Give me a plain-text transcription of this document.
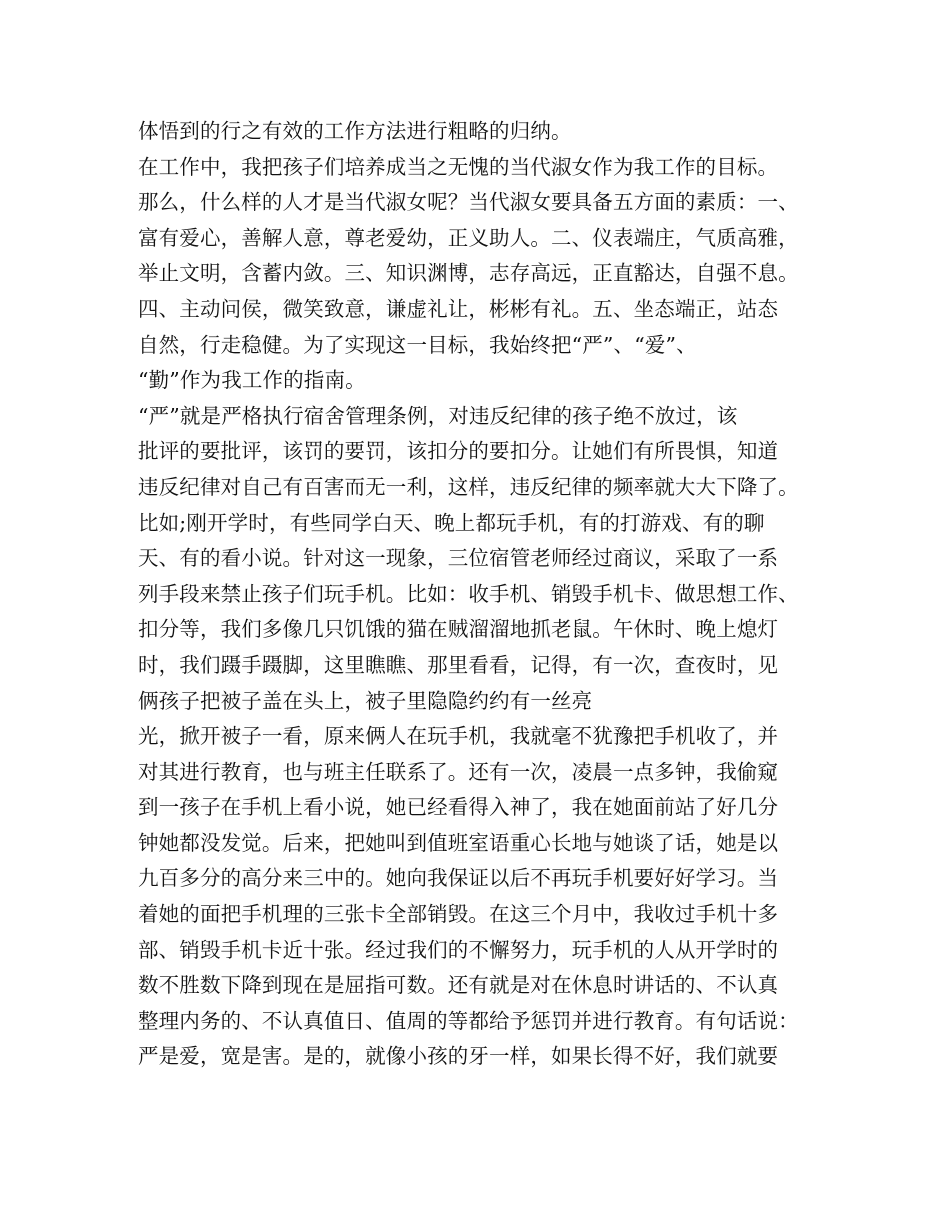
体悟到的行之有效的工作方法进行粗略的归纳。
在工作中，我把孩子们培养成当之无愧的当代淑女作为我工作的目标。
那么，什么样的人才是当代淑女呢？当代淑女要具备五方面的素质：一、
富有爱心，善解人意，尊老爱幼，正义助人。二、仪表端庄，气质高雅，
举止文明，含蓄内敛。三、知识渊博，志存高远，正直豁达，自强不息。
四、主动问侯，微笑致意，谦虚礼让，彬彬有礼。五、坐态端正，站态
自然，行走稳健。为了实现这一目标，我始终把“严”、“爱”、
“勤”作为我工作的指南。
“严”就是严格执行宿舍管理条例，对违反纪律的孩子绝不放过，该
批评的要批评，该罚的要罚，该扣分的要扣分。让她们有所畏惧，知道
违反纪律对自己有百害而无一利，这样，违反纪律的频率就大大下降了。
比如;刚开学时，有些同学白天、晚上都玩手机，有的打游戏、有的聊
天、有的看小说。针对这一现象，三位宿管老师经过商议，采取了一系
列手段来禁止孩子们玩手机。比如：收手机、销毁手机卡、做思想工作、
扣分等，我们多像几只饥饿的猫在贼溜溜地抓老鼠。午休时、晚上熄灯
时，我们蹑手蹑脚，这里瞧瞧、那里看看，记得，有一次，查夜时，见
俩孩子把被子盖在头上，被子里隐隐约约有一丝亮
光，掀开被子一看，原来俩人在玩手机，我就毫不犹豫把手机收了，并
对其进行教育，也与班主任联系了。还有一次，凌晨一点多钟，我偷窥
到一孩子在手机上看小说，她已经看得入神了，我在她面前站了好几分
钟她都没发觉。后来，把她叫到值班室语重心长地与她谈了话，她是以
九百多分的高分来三中的。她向我保证以后不再玩手机要好好学习。当
着她的面把手机理的三张卡全部销毁。在这三个月中，我收过手机十多
部、销毁手机卡近十张。经过我们的不懈努力，玩手机的人从开学时的
数不胜数下降到现在是屈指可数。还有就是对在休息时讲话的、不认真
整理内务的、不认真值日、值周的等都给予惩罚并进行教育。有句话说：
严是爱，宽是害。是的，就像小孩的牙一样，如果长得不好，我们就要
